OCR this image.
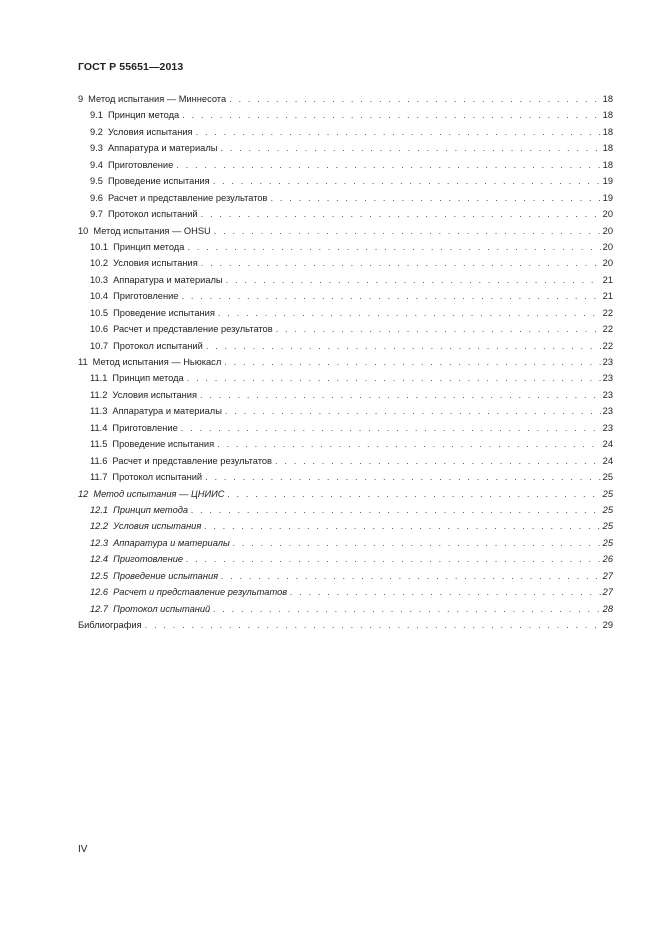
ГОСТ Р 55651—2013
9 Метод испытания — Миннесота . . .	18
9.1 Принцип метода . . .	18
9.2 Условия испытания . . .	18
9.3 Аппаратура и материалы . . .	18
9.4 Приготовление . . .	18
9.5 Проведение испытания . . .	19
9.6 Расчет и представление результатов . . .	19
9.7 Протокол испытаний . . .	20
10 Метод испытания — OHSU . . .	20
10.1 Принцип метода . . .	20
10.2 Условия испытания . . .	20
10.3 Аппаратура и материалы . . .	21
10.4 Приготовление . . .	21
10.5 Проведение испытания . . .	22
10.6 Расчет и представление результатов . . .	22
10.7 Протокол испытаний . . .	22
11 Метод испытания — Ньюкасл . . .	23
11.1 Принцип метода . . .	23
11.2 Условия испытания . . .	23
11.3 Аппаратура и материалы . . .	23
11.4 Приготовление . . .	23
11.5 Проведение испытания . . .	24
11.6 Расчет и представление результатов . . .	24
11.7 Протокол испытаний . . .	25
12 Метод испытания — ЦНИИС . . .	25
12.1 Принцип метода . . .	25
12.2 Условия испытания . . .	25
12.3 Аппаратура и материалы . . .	25
12.4 Приготовление . . .	26
12.5 Проведение испытания . . .	27
12.6 Расчет и представление результатов . . .	27
12.7 Протокол испытаний . . .	28
Библиография . . .	29
IV
